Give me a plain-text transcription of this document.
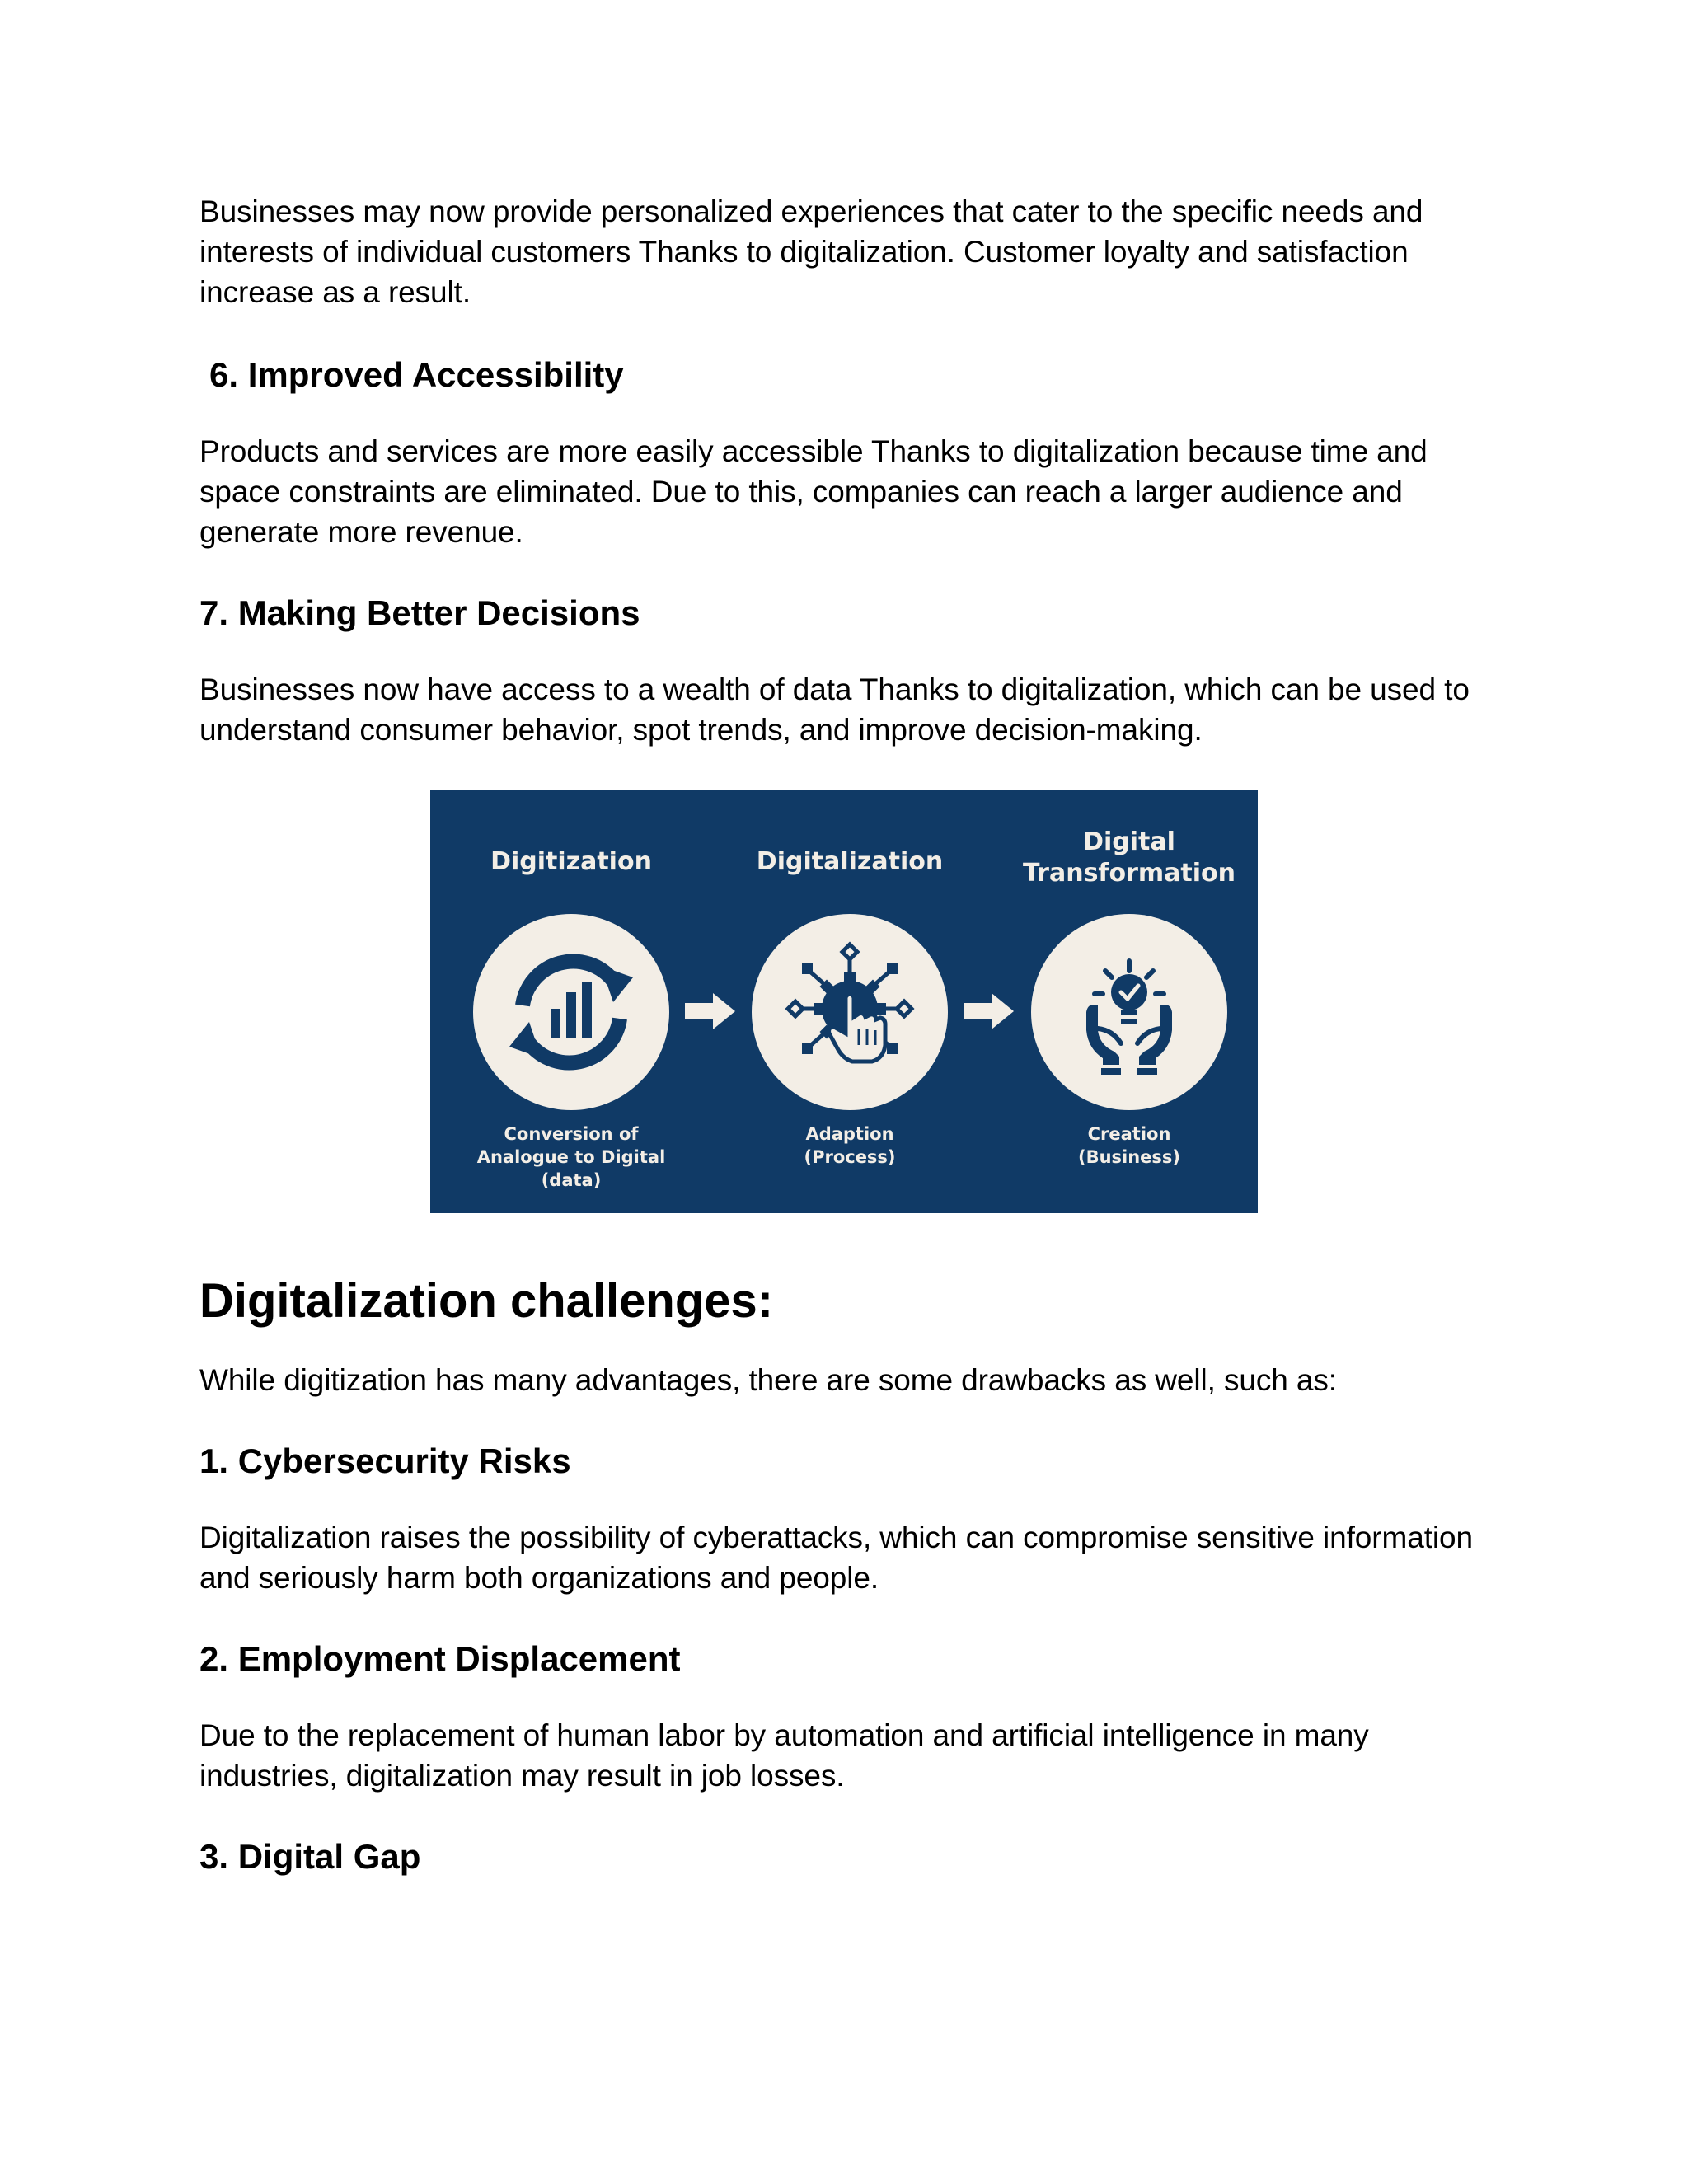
Businesses may now provide personalized experiences that cater to the specific needs and interests of individual customers Thanks to digitalization. Customer loyalty and satisfaction increase as a result.

6. Improved Accessibility

Products and services are more easily accessible Thanks to digitalization because time and space constraints are eliminated. Due to this, companies can reach a larger audience and generate more revenue.

7. Making Better Decisions

Businesses now have access to a wealth of data Thanks to digitalization, which can be used to understand consumer behavior, spot trends, and improve decision-making.

Digitization
Conversion of
Analogue to Digital
(data)
Digitalization
Adaption
(Process)
Digital
Transformation
Creation
(Business)
Digitalization challenges:

While digitization has many advantages, there are some drawbacks as well, such as:

1. Cybersecurity Risks

Digitalization raises the possibility of cyberattacks, which can compromise sensitive information and seriously harm both organizations and people.

2. Employment Displacement

Due to the replacement of human labor by automation and artificial intelligence in many industries, digitalization may result in job losses.

3. Digital Gap
